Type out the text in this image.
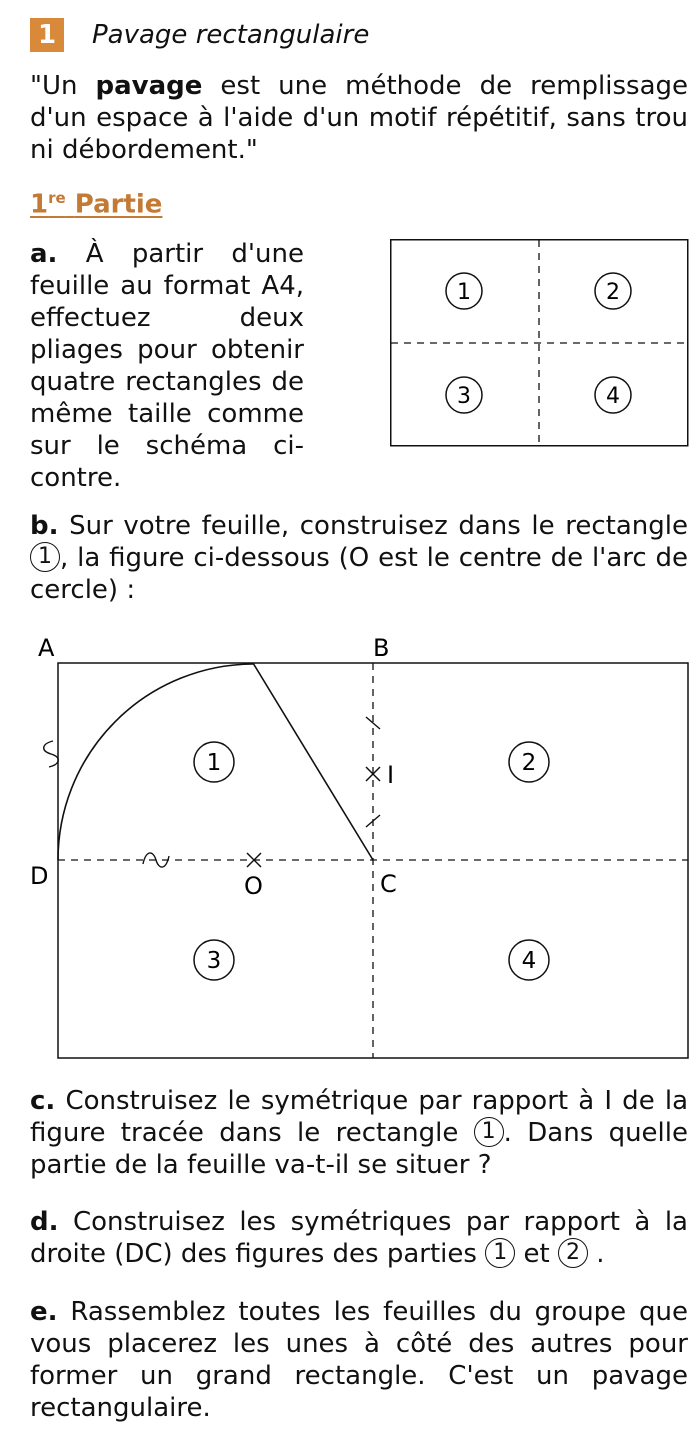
1	Pavage rectangulaire
"Un pavage est une méthode de remplissage d'un espace à l'aide d'un motif répétitif, sans trou ni débordement."
1re Partie
a. À partir d'une feuille au format A4, effectuez deux pliages pour obtenir quatre rectangles de même taille comme sur le schéma ci-contre.
1	2
3	4
b. Sur votre feuille, construisez dans le rectangle 1 , la figure ci-dessous (O est le centre de l'arc de cercle) :
A	B
C
D	O
I
1	2
3	4
c. Construisez le symétrique par rapport à I de la figure tracée dans le rectangle 1 . Dans quelle partie de la feuille va-t-il se situer ?
d. Construisez les symétriques par rapport à la droite (DC) des figures des parties 1 et 2 .
e. Rassemblez toutes les feuilles du groupe que vous placerez les unes à côté des autres pour former un grand rectangle. C'est un pavage rectangulaire.
